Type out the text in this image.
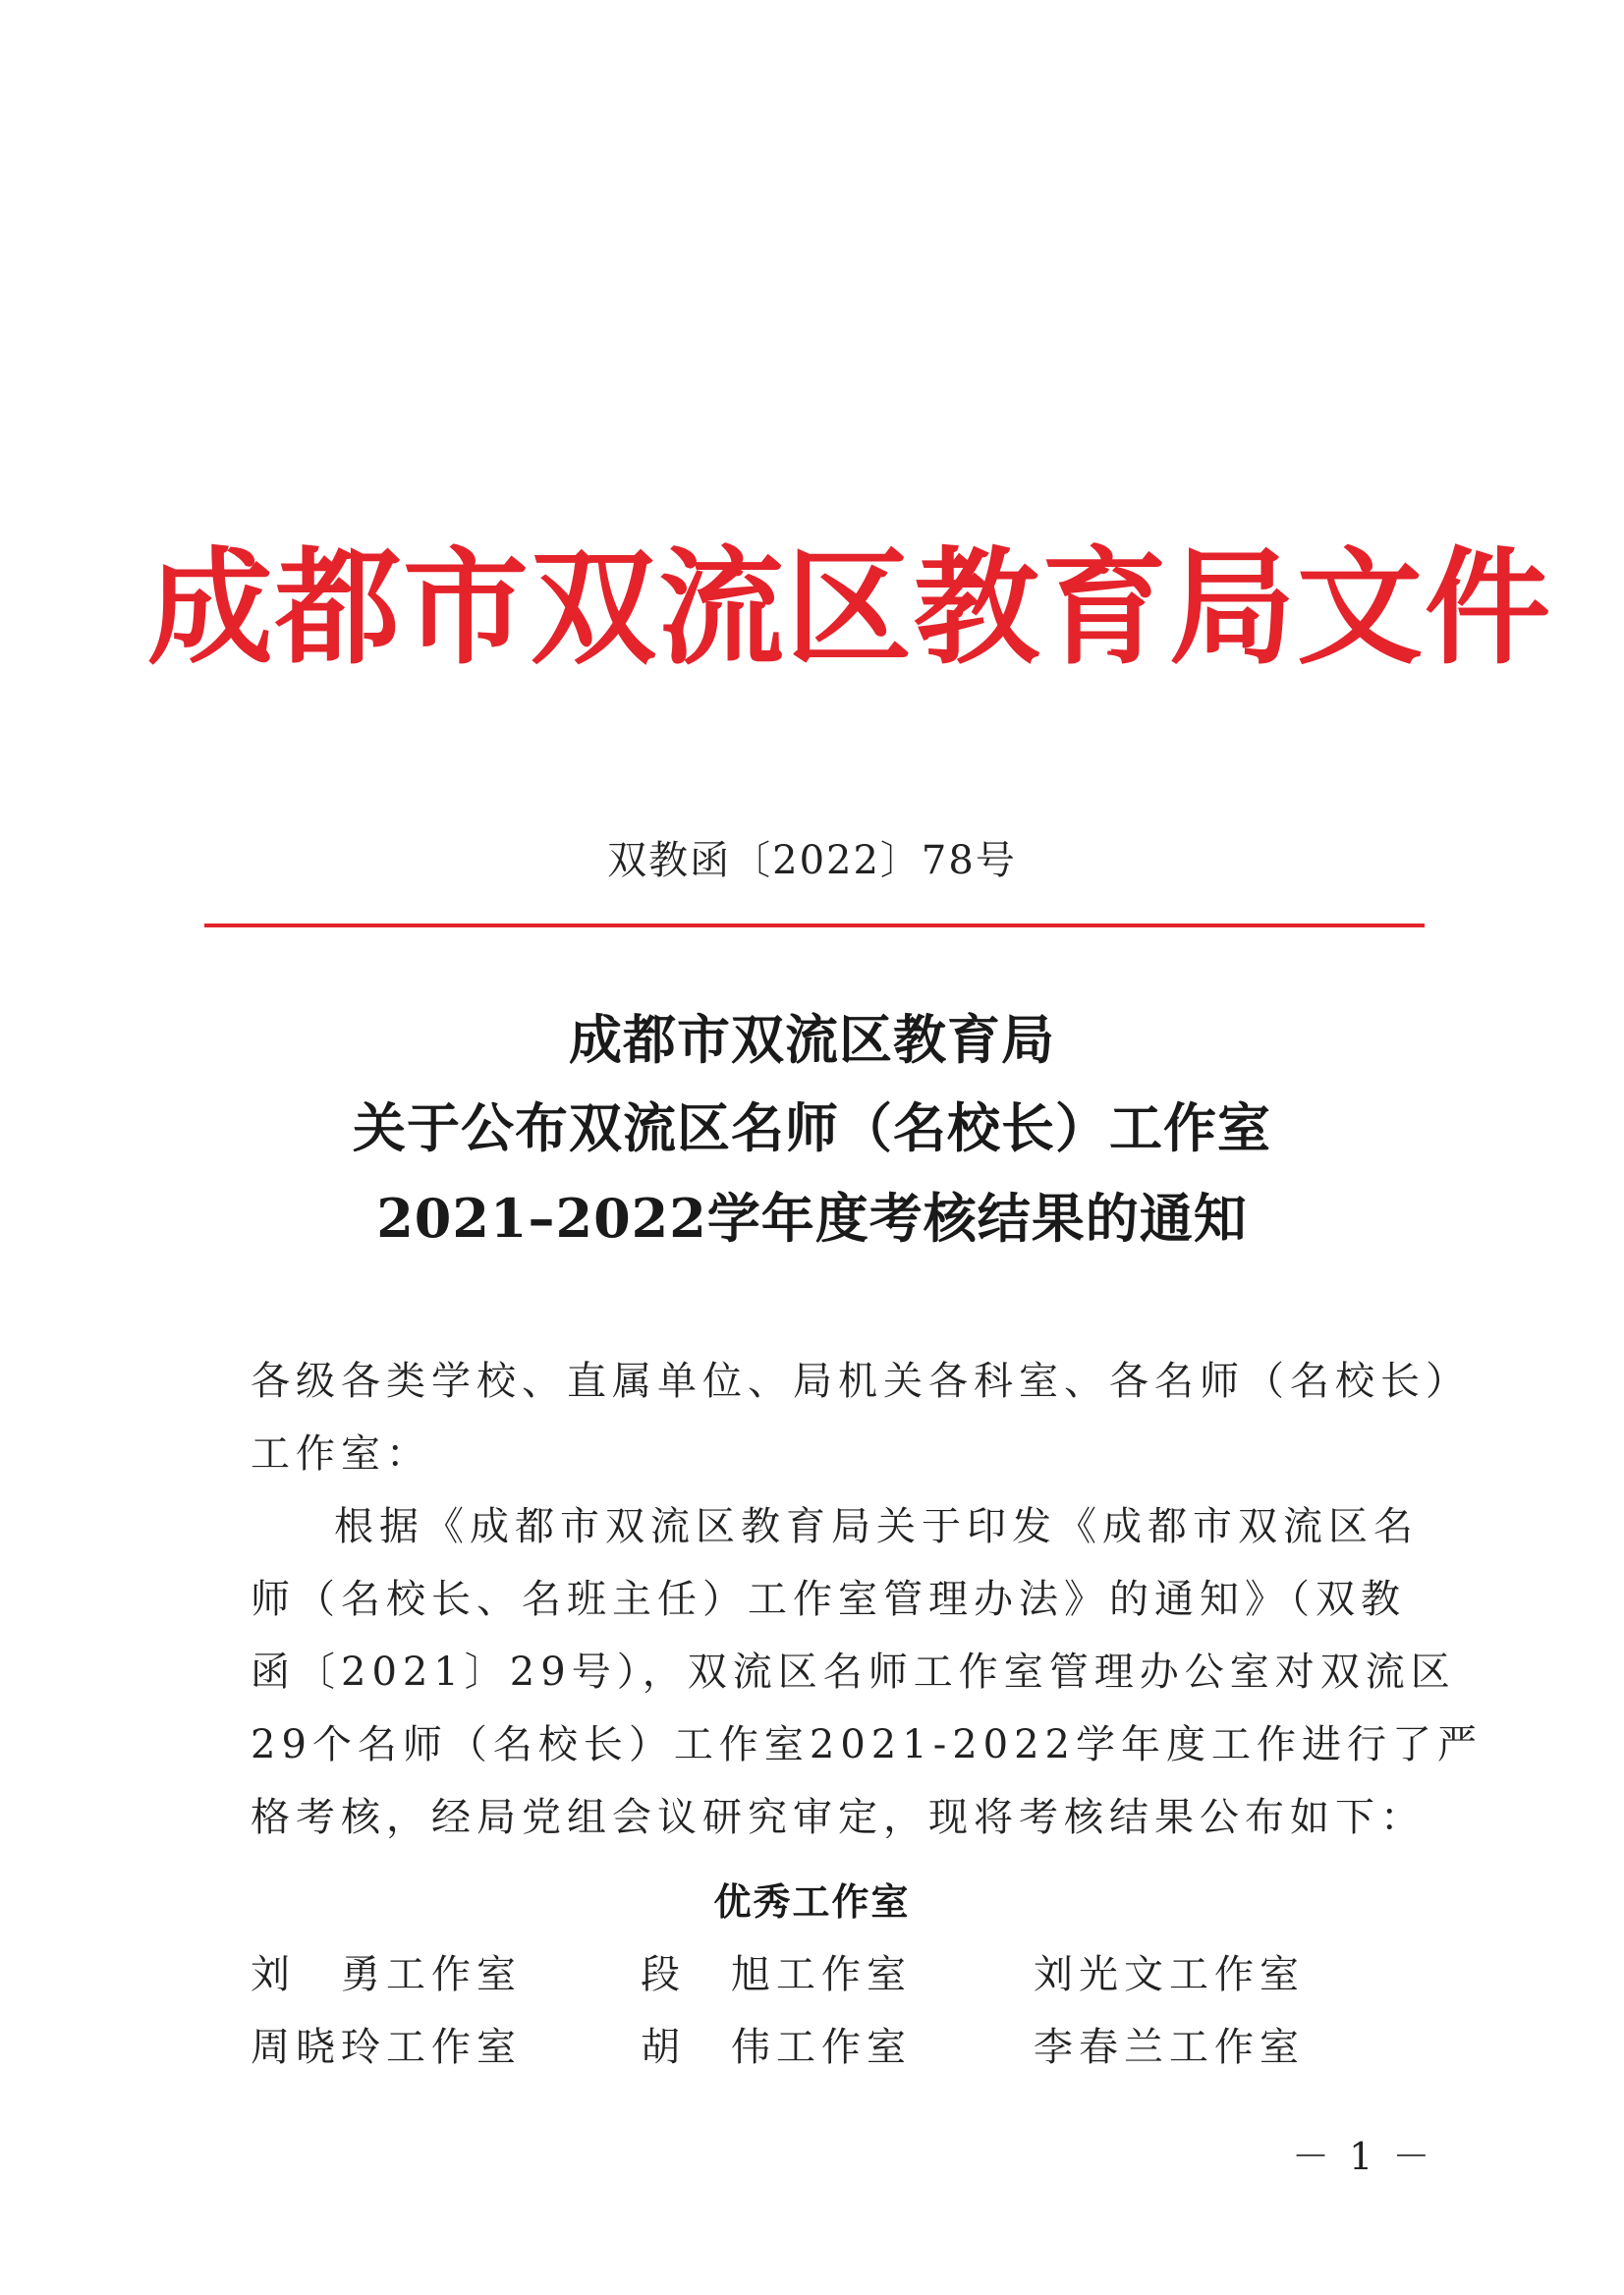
成都市双流区教育局文件
双教函〔2022〕78号
成都市双流区教育局
关于公布双流区名师（名校长）工作室
2021–2022学年度考核结果的通知
各级各类学校、直属单位、局机关各科室、各名师（名校长）
工作室：
根据《成都市双流区教育局关于印发《成都市双流区名
师（名校长、名班主任）工作室管理办法》的通知》（双教
函〔2021〕29号），双流区名师工作室管理办公室对双流区
29个名师（名校长）工作室2021-2022学年度工作进行了严
格考核，经局党组会议研究审定，现将考核结果公布如下：
优秀工作室
刘　勇工作室	段　旭工作室	刘光文工作室
周晓玲工作室	胡　伟工作室	李春兰工作室
－ 1 －
